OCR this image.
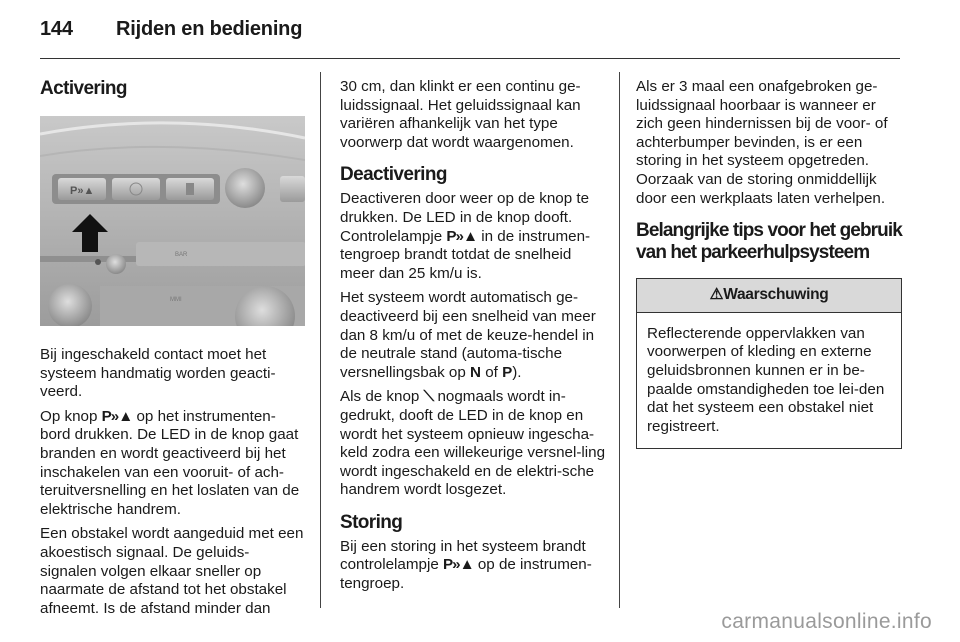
144 Rijden en bediening
Activering
P»▲
BAR
MMI

Bij ingeschakeld contact moet het systeem handmatig worden geacti-veerd.

Op knop P»▲ op het instrumenten-bord drukken. De LED in de knop gaat branden en wordt geactiveerd bij het inschakelen van een vooruit- of ach-teruitversnelling en het loslaten van de elektrische handrem.

Een obstakel wordt aangeduid met een akoestisch signaal. De geluids-signalen volgen elkaar sneller op naarmate de afstand tot het obstakel afneemt. Is de afstand minder dan

30 cm, dan klinkt er een continu ge-luidssignaal. Het geluidssignaal kan variëren afhankelijk van het type voorwerp dat wordt waargenomen.

Deactivering

Deactiveren door weer op de knop te drukken. De LED in de knop dooft.

Controlelampje P»▲ in de instrumen-tengroep brandt totdat de snelheid meer dan 25 km/u is.

Het systeem wordt automatisch ge-deactiveerd bij een snelheid van meer dan 8 km/u of met de keuze-hendel in de neutrale stand (automa-tische versnellingsbak op N of P).

Als de knop ⟍ nogmaals wordt in-gedrukt, dooft de LED in de knop en wordt het systeem opnieuw ingescha-keld zodra een willekeurige versnel-ling wordt ingeschakeld en de elektri-sche handrem wordt losgezet.

Storing

Bij een storing in het systeem brandt controlelampje P»▲ op de instrumen-tengroep.

Als er 3 maal een onafgebroken ge-luidssignaal hoorbaar is wanneer er zich geen hindernissen bij de voor- of achterbumper bevinden, is er een storing in het systeem opgetreden. Oorzaak van de storing onmiddellijk door een werkplaats laten verhelpen.

Belangrijke tips voor het gebruik van het parkeerhulpsysteem
⚠Waarschuwing
Reflecterende oppervlakken van voorwerpen of kleding en externe geluidsbronnen kunnen er in be-paalde omstandigheden toe lei-den dat het systeem een obstakel niet registreert.
carmanualsonline.info
